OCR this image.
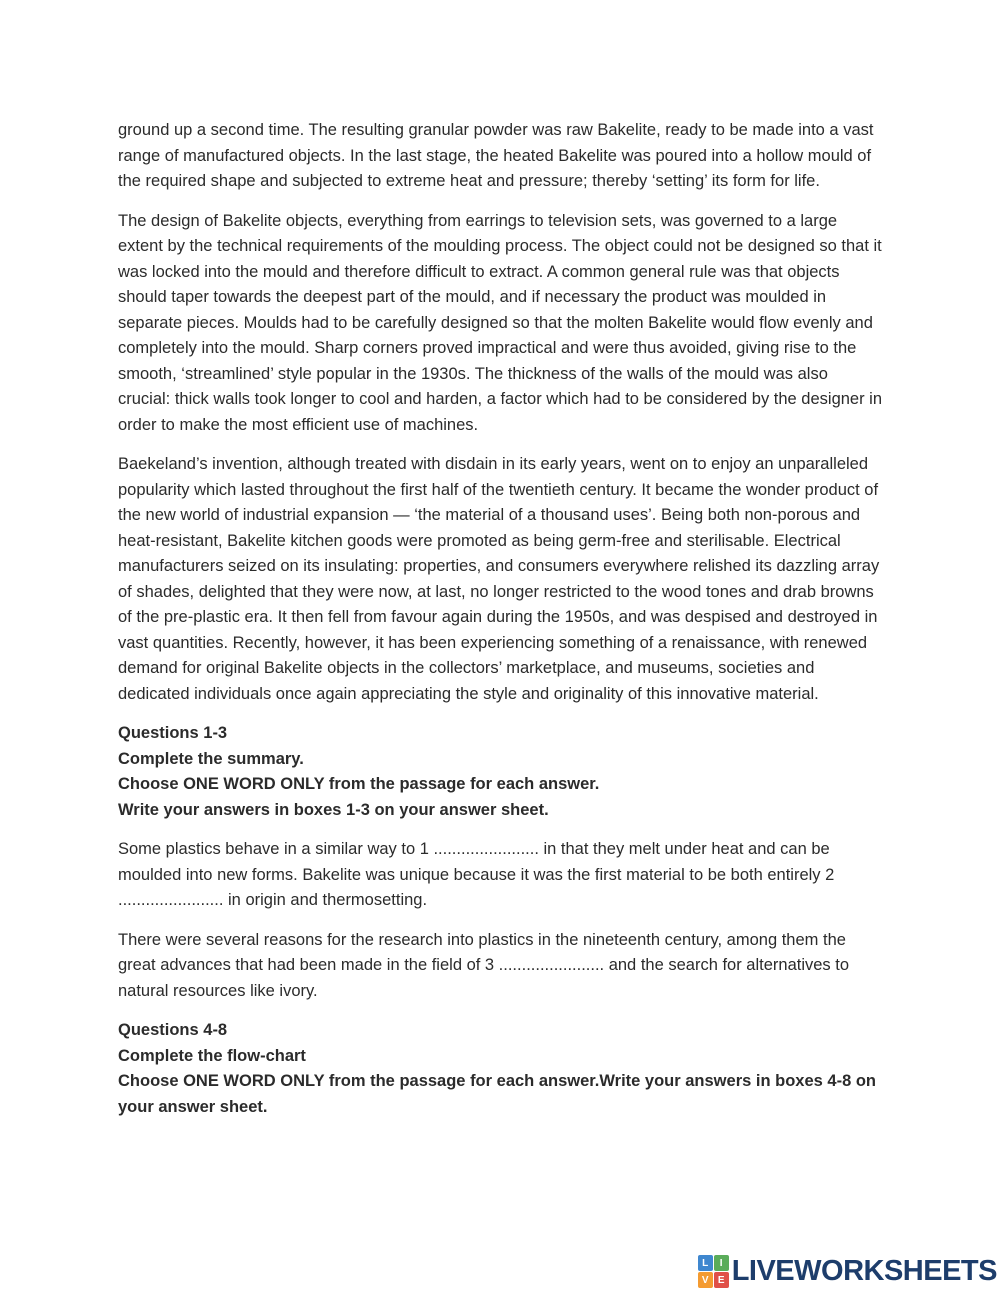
ground up a second time. The resulting granular powder was raw Bakelite, ready to be made into a vast range of manufactured objects. In the last stage, the heated Bakelite was poured into a hollow mould of the required shape and subjected to extreme heat and pressure; thereby ‘setting’ its form for life.

The design of Bakelite objects, everything from earrings to television sets, was governed to a large extent by the technical requirements of the moulding process. The object could not be designed so that it was locked into the mould and therefore difficult to extract. A common general rule was that objects should taper towards the deepest part of the mould, and if necessary the product was moulded in separate pieces. Moulds had to be carefully designed so that the molten Bakelite would flow evenly and completely into the mould. Sharp corners proved impractical and were thus avoided, giving rise to the smooth, ‘streamlined’ style popular in the 1930s. The thickness of the walls of the mould was also crucial: thick walls took longer to cool and harden, a factor which had to be considered by the designer in order to make the most efficient use of machines.

Baekeland’s invention, although treated with disdain in its early years, went on to enjoy an unparalleled popularity which lasted throughout the first half of the twentieth century. It became the wonder product of the new world of industrial expansion — ‘the material of a thousand uses’. Being both non-porous and heat-resistant, Bakelite kitchen goods were promoted as being germ-free and sterilisable. Electrical manufacturers seized on its insulating: properties, and consumers everywhere relished its dazzling array of shades, delighted that they were now, at last, no longer restricted to the wood tones and drab browns of the pre-plastic era. It then fell from favour again during the 1950s, and was despised and destroyed in vast quantities. Recently, however, it has been experiencing something of a renaissance, with renewed demand for original Bakelite objects in the collectors’ marketplace, and museums, societies and dedicated individuals once again appreciating the style and originality of this innovative material.

Questions 1-3
Complete the summary.
Choose ONE WORD ONLY from the passage for each answer.
Write your answers in boxes 1-3 on your answer sheet.

Some plastics behave in a similar way to 1 ....................... in that they melt under heat and can be moulded into new forms. Bakelite was unique because it was the first material to be both entirely 2 ....................... in origin and thermosetting.

There were several reasons for the research into plastics in the nineteenth century, among them the great advances that had been made in the field of 3 ....................... and the search for alternatives to natural resources like ivory.

Questions 4-8
Complete the flow-chart
Choose ONE WORD ONLY from the passage for each answer.Write your answers in boxes 4-8 on your answer sheet.
L	I
V E LIVEWORKSHEETS
